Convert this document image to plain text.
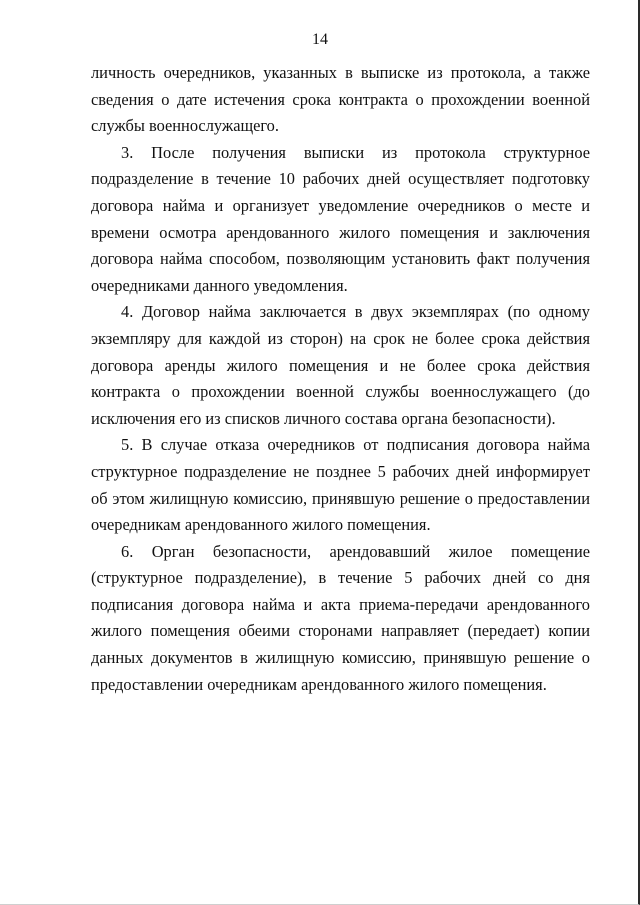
14

личность очередников, указанных в выписке из протокола, а также сведения о дате истечения срока контракта о прохождении военной службы военнослужащего.

3. После получения выписки из протокола структурное подразделение в течение 10 рабочих дней осуществляет подготовку договора найма и организует уведомление очередников о месте и времени осмотра арендованного жилого помещения и заключения договора найма способом, позволяющим установить факт получения очередниками данного уведомления.

4. Договор найма заключается в двух экземплярах (по одному экземпляру для каждой из сторон) на срок не более срока действия договора аренды жилого помещения и не более срока действия контракта о прохождении военной службы военнослужащего (до исключения его из списков личного состава органа безопасности).

5. В случае отказа очередников от подписания договора найма структурное подразделение не позднее 5 рабочих дней информирует об этом жилищную комиссию, принявшую решение о предоставлении очередникам арендованного жилого помещения.

6. Орган безопасности, арендовавший жилое помещение (структурное подразделение), в течение 5 рабочих дней со дня подписания договора найма и акта приема-передачи арендованного жилого помещения обеими сторонами направляет (передает) копии данных документов в жилищную комиссию, принявшую решение о предоставлении очередникам арендованного жилого помещения.
